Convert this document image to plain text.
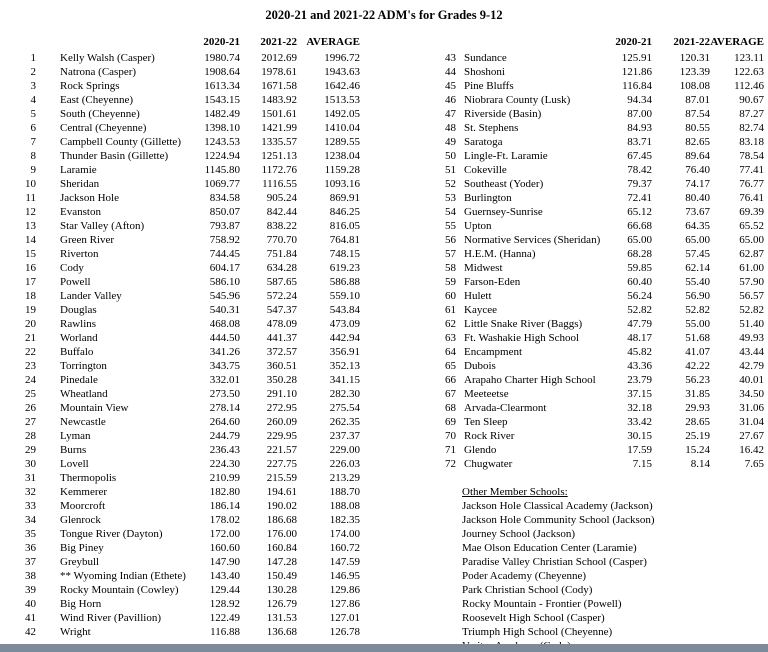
2020-21 and 2021-22 ADM's for Grades 9-12
2020-21	2021-22 AVERAGE
1	Kelly Walsh (Casper)	1980.74	2012.69	1996.72
2	Natrona (Casper)	1908.64	1978.61	1943.63
3	Rock Springs	1613.34	1671.58	1642.46
4	East (Cheyenne)	1543.15	1483.92	1513.53
5	South (Cheyenne)	1482.49	1501.61	1492.05
6	Central (Cheyenne)	1398.10	1421.99	1410.04
7	Campbell County (Gillette)	1243.53	1335.57	1289.55
8	Thunder Basin (Gillette)	1224.94	1251.13	1238.04
9	Laramie	1145.80	1172.76	1159.28
10	Sheridan	1069.77	1116.55	1093.16
11	Jackson Hole	834.58	905.24	869.91
12	Evanston	850.07	842.44	846.25
13	Star Valley (Afton)	793.87	838.22	816.05
14	Green River	758.92	770.70	764.81
15	Riverton	744.45	751.84	748.15
16	Cody	604.17	634.28	619.23
17	Powell	586.10	587.65	586.88
18	Lander Valley	545.96	572.24	559.10
19	Douglas	540.31	547.37	543.84
20	Rawlins	468.08	478.09	473.09
21	Worland	444.50	441.37	442.94
22	Buffalo	341.26	372.57	356.91
23	Torrington	343.75	360.51	352.13
24	Pinedale	332.01	350.28	341.15
25	Wheatland	273.50	291.10	282.30
26	Mountain View	278.14	272.95	275.54
27	Newcastle	264.60	260.09	262.35
28	Lyman	244.79	229.95	237.37
29	Burns	236.43	221.57	229.00
30	Lovell	224.30	227.75	226.03
31	Thermopolis	210.99	215.59	213.29
32	Kemmerer	182.80	194.61	188.70
33	Moorcroft	186.14	190.02	188.08
34	Glenrock	178.02	186.68	182.35
35	Tongue River (Dayton)	172.00	176.00	174.00
36	Big Piney	160.60	160.84	160.72
37	Greybull	147.90	147.28	147.59
38	** Wyoming Indian (Ethete)	143.40	150.49	146.95
39	Rocky Mountain (Cowley)	129.44	130.28	129.86
40	Big Horn	128.92	126.79	127.86
41	Wind River (Pavillion)	122.49	131.53	127.01
42	Wright	116.88	136.68	126.78
2020-21	2021-22 AVERAGE
43 Sundance	125.91	120.31	123.11
44 Shoshoni	121.86	123.39	122.63
45 Pine Bluffs	116.84	108.08	112.46
46 Niobrara County (Lusk)	94.34	87.01	90.67
47 Riverside (Basin)	87.00	87.54	87.27
48 St. Stephens	84.93	80.55	82.74
49 Saratoga	83.71	82.65	83.18
50 Lingle-Ft. Laramie	67.45	89.64	78.54
51 Cokeville	78.42	76.40	77.41
52 Southeast (Yoder)	79.37	74.17	76.77
53 Burlington	72.41	80.40	76.41
54 Guernsey-Sunrise	65.12	73.67	69.39
55 Upton	66.68	64.35	65.52
56 Normative Services (Sheridan)	65.00	65.00	65.00
57 H.E.M. (Hanna)	68.28	57.45	62.87
58 Midwest	59.85	62.14	61.00
59 Farson-Eden	60.40	55.40	57.90
60 Hulett	56.24	56.90	56.57
61 Kaycee	52.82	52.82	52.82
62 Little Snake River (Baggs)	47.79	55.00	51.40
63 Ft. Washakie High School	48.17	51.68	49.93
64 Encampment	45.82	41.07	43.44
65 Dubois	43.36	42.22	42.79
66 Arapaho Charter High School	23.79	56.23	40.01
67 Meeteetse	37.15	31.85	34.50
68 Arvada-Clearmont	32.18	29.93	31.06
69 Ten Sleep	33.42	28.65	31.04
70 Rock River	30.15	25.19	27.67
71 Glendo	17.59	15.24	16.42
72 Chugwater	7.15	8.14	7.65
Other Member Schools:
Jackson Hole Classical Academy (Jackson)
Jackson Hole Community School (Jackson)
Journey School (Jackson)
Mae Olson Education Center (Laramie)
Paradise Valley Christian School (Casper)
Poder Academy (Cheyenne)
Park Christian School (Cody)
Rocky Mountain - Frontier (Powell)
Roosevelt High School (Casper)
Triumph High School (Cheyenne)
